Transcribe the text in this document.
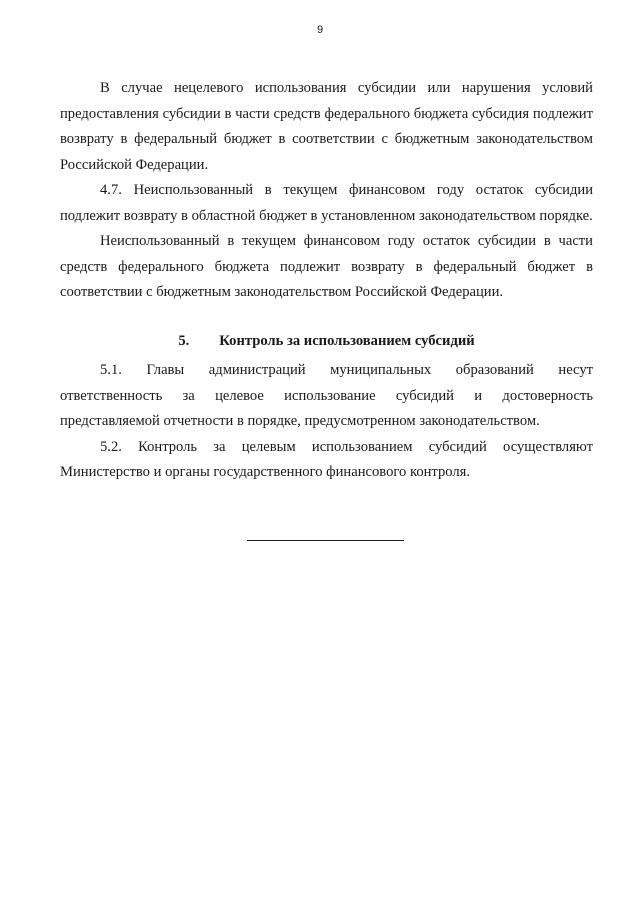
9

В случае нецелевого использования субсидии или нарушения условий предоставления субсидии в части средств федерального бюджета субсидия подлежит возврату в федеральный бюджет в соответствии с бюджетным законодательством Российской Федерации.

4.7. Неиспользованный в текущем финансовом году остаток субсидии подлежит возврату в областной бюджет в установленном законодательством порядке.

Неиспользованный в текущем финансовом году остаток субсидии в части средств федерального бюджета подлежит возврату в федеральный бюджет в соответствии с бюджетным законодательством Российской Федерации.

5. Контроль за использованием субсидий

5.1. Главы администраций муниципальных образований несут ответственность за целевое использование субсидий и достоверность представляемой отчетности в порядке, предусмотренном законодательством.

5.2. Контроль за целевым использованием субсидий осуществляют Министерство и органы государственного финансового контроля.
